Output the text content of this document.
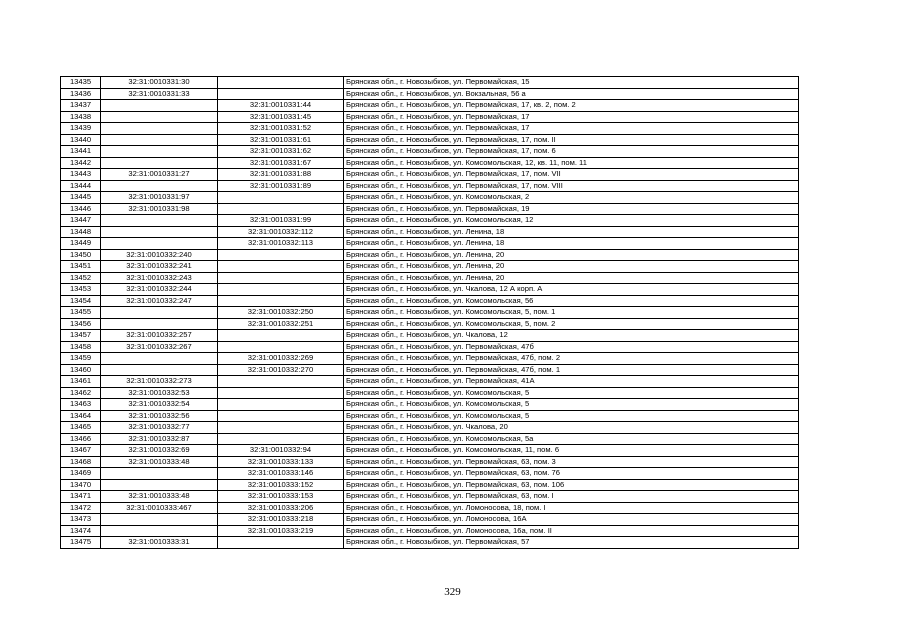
13435	32:31:0010331:30		Брянская обл., г. Новозыбков, ул. Первомайская, 15
13436	32:31:0010331:33		Брянская обл., г. Новозыбков, ул. Вокзальная, 56 а
13437		32:31:0010331:44	Брянская обл., г. Новозыбков, ул. Первомайская, 17, кв. 2, пом. 2
13438		32:31:0010331:45	Брянская обл., г. Новозыбков, ул. Первомайская, 17
13439		32:31:0010331:52	Брянская обл., г. Новозыбков, ул. Первомайская, 17
13440		32:31:0010331:61	Брянская обл., г. Новозыбков, ул. Первомайская, 17, пом. II
13441		32:31:0010331:62	Брянская обл., г. Новозыбков, ул. Первомайская, 17, пом. 6
13442		32:31:0010331:67	Брянская обл., г. Новозыбков, ул. Комсомольская, 12, кв. 11, пом. 11
13443	32:31:0010331:27	32:31:0010331:88	Брянская обл., г. Новозыбков, ул. Первомайская, 17, пом. VII
13444		32:31:0010331:89	Брянская обл., г. Новозыбков, ул. Первомайская, 17, пом. VIII
13445	32:31:0010331:97		Брянская обл., г. Новозыбков, ул. Комсомольская, 2
13446	32:31:0010331:98		Брянская обл., г. Новозыбков, ул. Первомайская, 19
13447		32:31:0010331:99	Брянская обл., г. Новозыбков, ул. Комсомольская, 12
13448		32:31:0010332:112	Брянская обл., г. Новозыбков, ул. Ленина, 18
13449		32:31:0010332:113	Брянская обл., г. Новозыбков, ул. Ленина, 18
13450	32:31:0010332:240		Брянская обл., г. Новозыбков, ул. Ленина, 20
13451	32:31:0010332:241		Брянская обл., г. Новозыбков, ул. Ленина, 20
13452	32:31:0010332:243		Брянская обл., г. Новозыбков, ул. Ленина, 20
13453	32:31:0010332:244		Брянская обл., г. Новозыбков, ул. Чкалова, 12 А корп. А
13454	32:31:0010332:247		Брянская обл., г. Новозыбков, ул. Комсомольская, 56
13455		32:31:0010332:250	Брянская обл., г. Новозыбков, ул. Комсомольская, 5, пом. 1
13456		32:31:0010332:251	Брянская обл., г. Новозыбков, ул. Комсомольская, 5, пом. 2
13457	32:31:0010332:257		Брянская обл., г. Новозыбков, ул. Чкалова, 12
13458	32:31:0010332:267		Брянская обл., г. Новозыбков, ул. Первомайская, 47б
13459		32:31:0010332:269	Брянская обл., г. Новозыбков, ул. Первомайская, 47б, пом. 2
13460		32:31:0010332:270	Брянская обл., г. Новозыбков, ул. Первомайская, 47б, пом. 1
13461	32:31:0010332:273		Брянская обл., г. Новозыбков, ул. Первомайская, 41А
13462	32:31:0010332:53		Брянская обл., г. Новозыбков, ул. Комсомольская, 5
13463	32:31:0010332:54		Брянская обл., г. Новозыбков, ул. Комсомольская, 5
13464	32:31:0010332:56		Брянская обл., г. Новозыбков, ул. Комсомольская, 5
13465	32:31:0010332:77		Брянская обл., г. Новозыбков, ул. Чкалова, 20
13466	32:31:0010332:87		Брянская обл., г. Новозыбков, ул. Комсомольская, 5а
13467	32:31:0010332:69	32:31:0010332:94	Брянская обл., г. Новозыбков, ул. Комсомольская, 11, пом. 6
13468	32:31:0010333:48	32:31:0010333:133	Брянская обл., г. Новозыбков, ул. Первомайская, 63, пом. 3
13469		32:31:0010333:146	Брянская обл., г. Новозыбков, ул. Первомайская, 63, пом. 76
13470		32:31:0010333:152	Брянская обл., г. Новозыбков, ул. Первомайская, 63, пом. 106
13471	32:31:0010333:48	32:31:0010333:153	Брянская обл., г. Новозыбков, ул. Первомайская, 63, пом. I
13472	32:31:0010333:467	32:31:0010333:206	Брянская обл., г. Новозыбков, ул. Ломоносова, 18, пом. I
13473		32:31:0010333:218	Брянская обл., г. Новозыбков, ул. Ломоносова, 16А
13474		32:31:0010333:219	Брянская обл., г. Новозыбков, ул. Ломоносова, 16а, пом. II
13475	32:31:0010333:31		Брянская обл., г. Новозыбков, ул. Первомайская, 57
329
